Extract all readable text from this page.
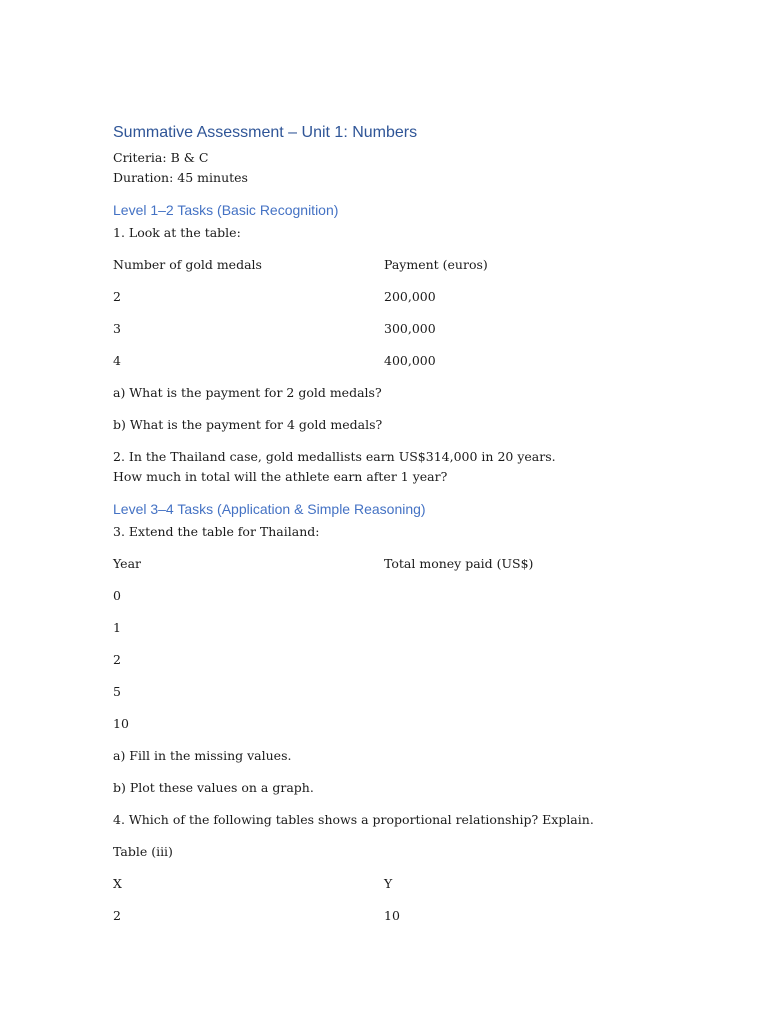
Summative Assessment – Unit 1: Numbers
Criteria: B & C
Duration: 45 minutes
Level 1–2 Tasks (Basic Recognition)
1. Look at the table:
Number of gold medals	Payment (euros)
2	200,000
3	300,000
4	400,000
a) What is the payment for 2 gold medals?
b) What is the payment for 4 gold medals?
2. In the Thailand case, gold medallists earn US$314,000 in 20 years.
How much in total will the athlete earn after 1 year?
Level 3–4 Tasks (Application & Simple Reasoning)
3. Extend the table for Thailand:
Year	Total money paid (US$)
0
1
2
5
10
a) Fill in the missing values.
b) Plot these values on a graph.
4. Which of the following tables shows a proportional relationship? Explain.
Table (iii)
X	Y
2	10
